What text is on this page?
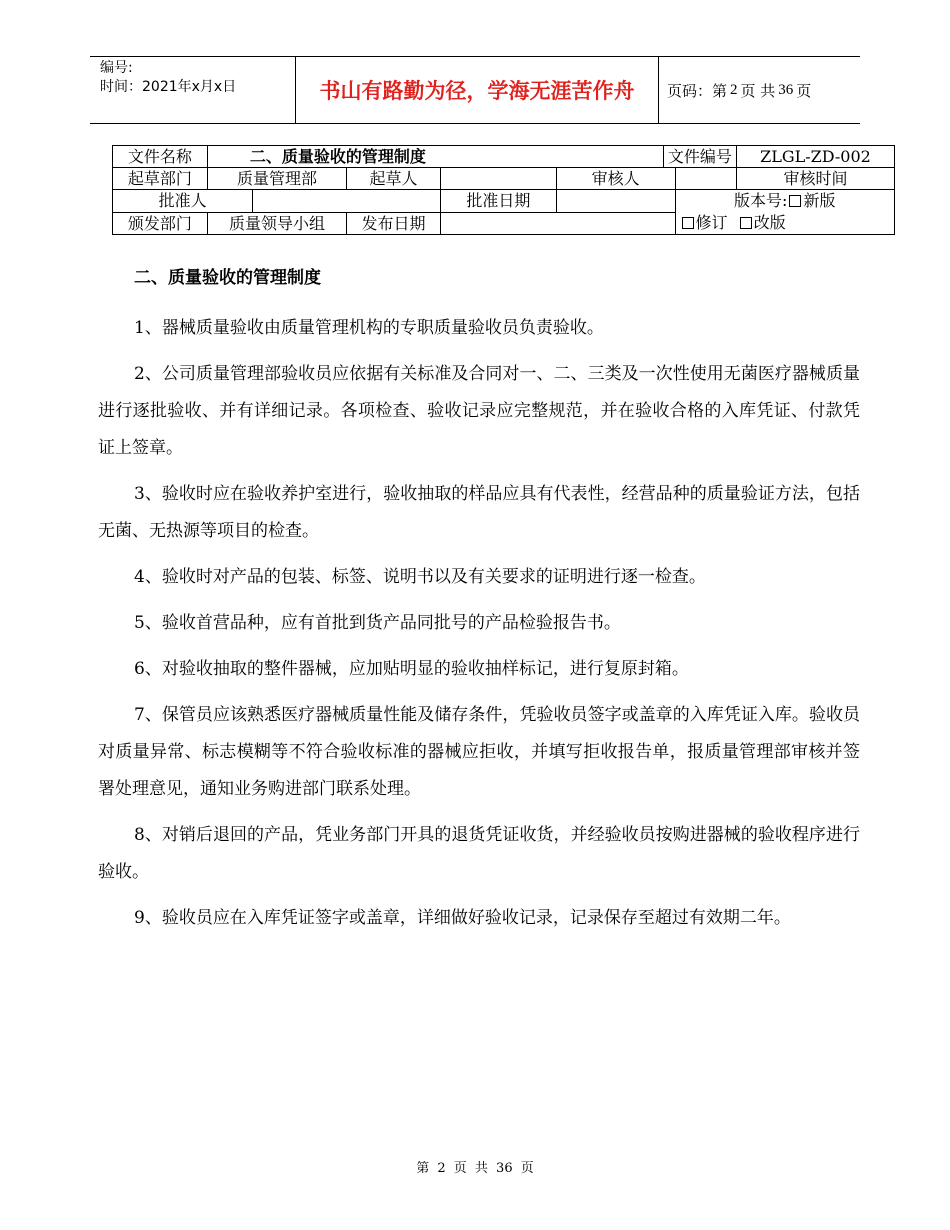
编号:
时间：2021年x月x日	书山有路勤为径，学海无涯苦作舟	页码：第 2 页 共 36 页
文件名称	二、质量验收的管理制度					文件编号		ZLGL-ZD-002
起草部门	质量管理部		起草人		审核人			审核时间
批准人				批准日期			版本号: 新版
修订 改版	

颁发部门	质量领导小组		发布日期					

二、质量验收的管理制度

1、器械质量验收由质量管理机构的专职质量验收员负责验收。

2、公司质量管理部验收员应依据有关标准及合同对一、二、三类及一次性使用无菌医疗器械质量进行逐批验收、并有详细记录。各项检查、验收记录应完整规范，并在验收合格的入库凭证、付款凭证上签章。

3、验收时应在验收养护室进行，验收抽取的样品应具有代表性，经营品种的质量验证方法，包括无菌、无热源等项目的检查。

4、验收时对产品的包装、标签、说明书以及有关要求的证明进行逐一检查。

5、验收首营品种，应有首批到货产品同批号的产品检验报告书。

6、对验收抽取的整件器械，应加贴明显的验收抽样标记，进行复原封箱。

7、保管员应该熟悉医疗器械质量性能及储存条件，凭验收员签字或盖章的入库凭证入库。验收员对质量异常、标志模糊等不符合验收标准的器械应拒收，并填写拒收报告单，报质量管理部审核并签署处理意见，通知业务购进部门联系处理。

8、对销后退回的产品，凭业务部门开具的退货凭证收货，并经验收员按购进器械的验收程序进行验收。

9、验收员应在入库凭证签字或盖章，详细做好验收记录，记录保存至超过有效期二年。

第 2 页 共 36 页
